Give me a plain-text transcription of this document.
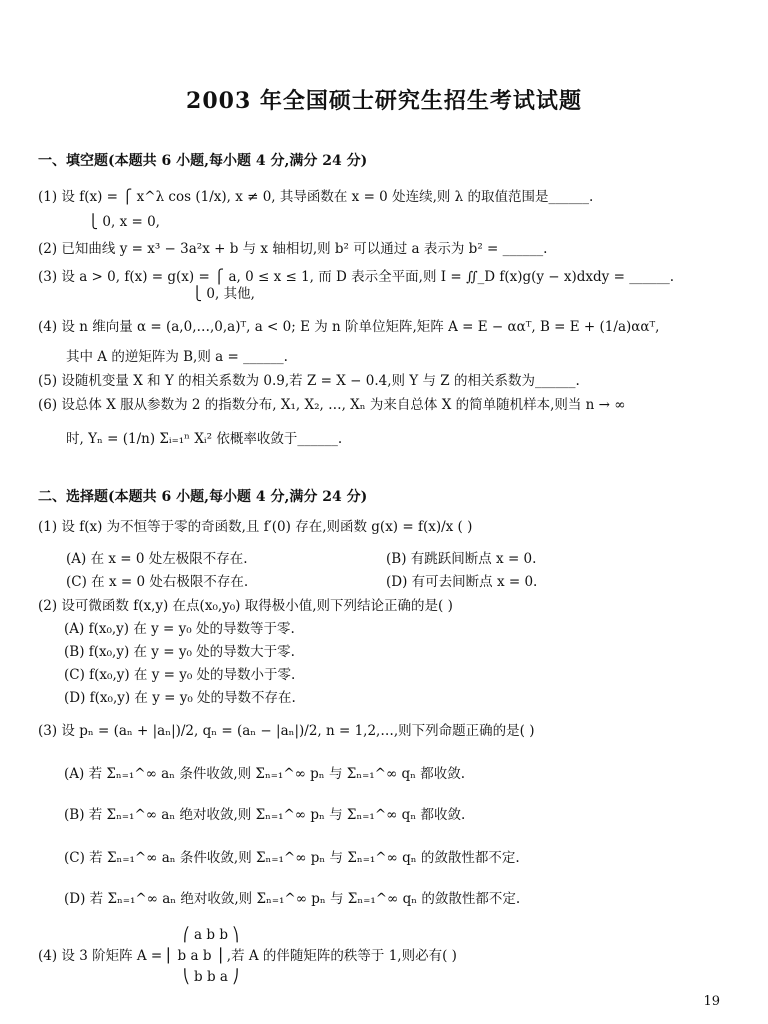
2003 年全国硕士研究生招生考试试题
一、填空题(本题共 6 小题,每小题 4 分,满分 24 分)
(1) 设 f(x) = ⎧ x^λ cos (1/x), x ≠ 0, 其导函数在 x = 0 处连续,则 λ 的取值范围是______.
⎩ 0, x = 0,
(2) 已知曲线 y = x³ − 3a²x + b 与 x 轴相切,则 b² 可以通过 a 表示为 b² = ______.
(3) 设 a > 0, f(x) = g(x) = ⎧ a, 0 ≤ x ≤ 1, 而 D 表示全平面,则 I = ∬_D f(x)g(y − x)dxdy = ______.
⎩ 0, 其他,
(4) 设 n 维向量 α = (a,0,…,0,a)ᵀ, a < 0; E 为 n 阶单位矩阵,矩阵 A = E − ααᵀ, B = E + (1/a)ααᵀ,
其中 A 的逆矩阵为 B,则 a = ______.
(5) 设随机变量 X 和 Y 的相关系数为 0.9,若 Z = X − 0.4,则 Y 与 Z 的相关系数为______.
(6) 设总体 X 服从参数为 2 的指数分布, X₁, X₂, …, Xₙ 为来自总体 X 的简单随机样本,则当 n → ∞
时, Yₙ = (1/n) Σᵢ₌₁ⁿ Xᵢ² 依概率收敛于______.
二、选择题(本题共 6 小题,每小题 4 分,满分 24 分)
(1) 设 f(x) 为不恒等于零的奇函数,且 f′(0) 存在,则函数 g(x) = f(x)/x ( )
(A) 在 x = 0 处左极限不存在.	(B) 有跳跃间断点 x = 0.
(C) 在 x = 0 处右极限不存在.	(D) 有可去间断点 x = 0.
(2) 设可微函数 f(x,y) 在点(x₀,y₀) 取得极小值,则下列结论正确的是( )
(A) f(x₀,y) 在 y = y₀ 处的导数等于零.
(B) f(x₀,y) 在 y = y₀ 处的导数大于零.
(C) f(x₀,y) 在 y = y₀ 处的导数小于零.
(D) f(x₀,y) 在 y = y₀ 处的导数不存在.
(3) 设 pₙ = (aₙ + |aₙ|)/2, qₙ = (aₙ − |aₙ|)/2, n = 1,2,…,则下列命题正确的是( )
(A) 若 Σₙ₌₁^∞ aₙ 条件收敛,则 Σₙ₌₁^∞ pₙ 与 Σₙ₌₁^∞ qₙ 都收敛.
(B) 若 Σₙ₌₁^∞ aₙ 绝对收敛,则 Σₙ₌₁^∞ pₙ 与 Σₙ₌₁^∞ qₙ 都收敛.
(C) 若 Σₙ₌₁^∞ aₙ 条件收敛,则 Σₙ₌₁^∞ pₙ 与 Σₙ₌₁^∞ qₙ 的敛散性都不定.
(D) 若 Σₙ₌₁^∞ aₙ 绝对收敛,则 Σₙ₌₁^∞ pₙ 与 Σₙ₌₁^∞ qₙ 的敛散性都不定.
⎛ a b b ⎞
(4) 设 3 阶矩阵 A = ⎜ b a b ⎟ ,若 A 的伴随矩阵的秩等于 1,则必有( )
⎝ b b a ⎠
19
